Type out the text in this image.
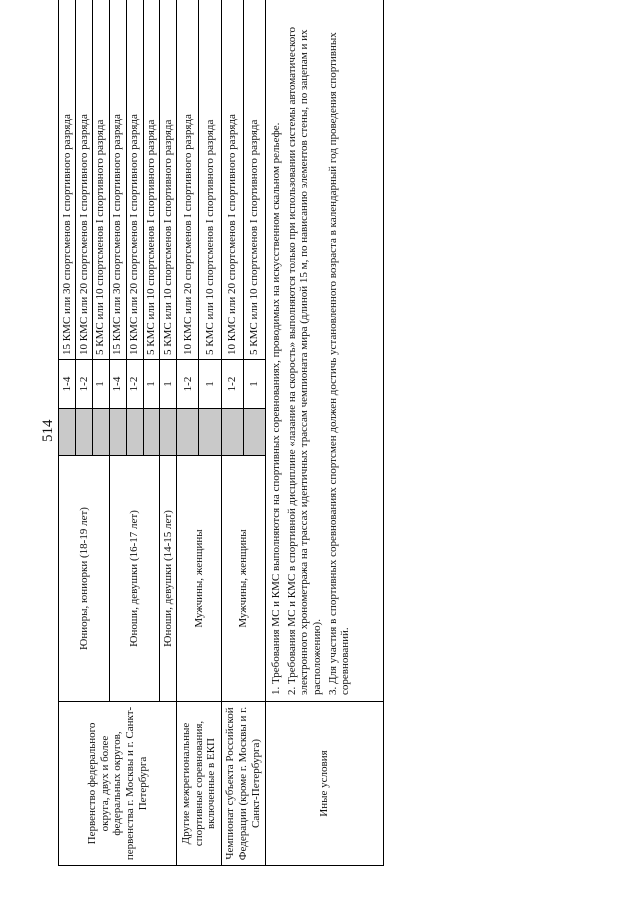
514
Первенство федерального округа, двух и более федеральных округов, первенства г. Москвы и г. Санкт-Петербурга	Юниоры, юниорки (18-19 лет)		1-4	15 КМС или 30 спортсменов I спортивного разряда
			1-2	10 КМС или 20 спортсменов I спортивного разряда
			1	5 КМС или 10 спортсменов I спортивного разряда
	Юноши, девушки (16-17 лет)		1-4	15 КМС или 30 спортсменов I спортивного разряда
			1-2	10 КМС или 20 спортсменов I спортивного разряда
			1	5 КМС или 10 спортсменов I спортивного разряда
	Юноши, девушки (14-15 лет)		1	5 КМС или 10 спортсменов I спортивного разряда
Другие межрегиональные спортивные соревнования, включенные в ЕКП	Мужчины, женщины		1-2	10 КМС или 20 спортсменов I спортивного разряда
			1	5 КМС или 10 спортсменов I спортивного разряда
Чемпионат субъекта Российской Федерации (кроме г. Москвы и г. Санкт-Петербурга)	Мужчины, женщины		1-2	10 КМС или 20 спортсменов I спортивного разряда
			1	5 КМС или 10 спортсменов I спортивного разряда
Иные условия	1. Требования МС и КМС выполняются на спортивных соревнованиях, проводимых на искусственном скальном рельефе. 2. Требования МС и КМС в спортивной дисциплине «лазание на скорость» выполняются только при использовании системы автоматического электронного хронометража на трассах идентичных трассам чемпионата мира (длиной 15 м, по нависанию элементов стены, по зацепам и их расположению). 3. Для участия в спортивных соревнованиях спортсмен должен достичь установленного возраста в календарный год проведения спортивных соревнований.			
